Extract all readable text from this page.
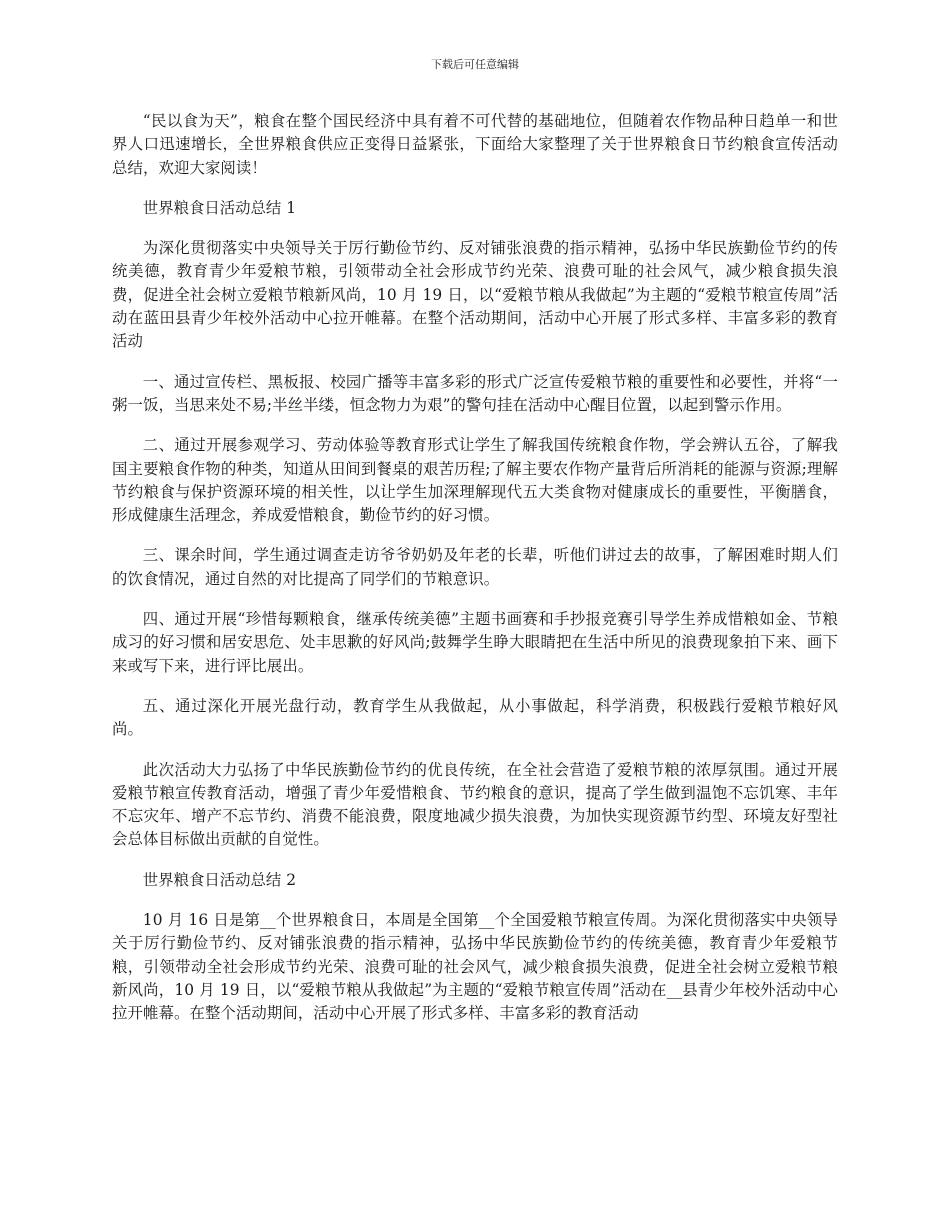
下载后可任意编辑

“民以食为天”，粮食在整个国民经济中具有着不可代替的基础地位，但随着农作物品种日趋单一和世界人口迅速增长，全世界粮食供应正变得日益紧张，下面给大家整理了关于世界粮食日节约粮食宣传活动总结，欢迎大家阅读！

世界粮食日活动总结 1

为深化贯彻落实中央领导关于厉行勤俭节约、反对铺张浪费的指示精神，弘扬中华民族勤俭节约的传统美德，教育青少年爱粮节粮，引领带动全社会形成节约光荣、浪费可耻的社会风气，减少粮食损失浪费，促进全社会树立爱粮节粮新风尚，10 月 19 日，以“爱粮节粮从我做起”为主题的“爱粮节粮宣传周”活动在蓝田县青少年校外活动中心拉开帷幕。在整个活动期间，活动中心开展了形式多样、丰富多彩的教育活动

一、通过宣传栏、黑板报、校园广播等丰富多彩的形式广泛宣传爱粮节粮的重要性和必要性，并将“一粥一饭，当思来处不易;半丝半缕，恒念物力为艰”的警句挂在活动中心醒目位置，以起到警示作用。

二、通过开展参观学习、劳动体验等教育形式让学生了解我国传统粮食作物，学会辨认五谷，了解我国主要粮食作物的种类，知道从田间到餐桌的艰苦历程;了解主要农作物产量背后所消耗的能源与资源;理解节约粮食与保护资源环境的相关性，以让学生加深理解现代五大类食物对健康成长的重要性，平衡膳食，形成健康生活理念，养成爱惜粮食，勤俭节约的好习惯。

三、课余时间，学生通过调查走访爷爷奶奶及年老的长辈，听他们讲过去的故事，了解困难时期人们的饮食情况，通过自然的对比提高了同学们的节粮意识。

四、通过开展“珍惜每颗粮食，继承传统美德”主题书画赛和手抄报竞赛引导学生养成惜粮如金、节粮成习的好习惯和居安思危、处丰思歉的好风尚;鼓舞学生睁大眼睛把在生活中所见的浪费现象拍下来、画下来或写下来，进行评比展出。

五、通过深化开展光盘行动，教育学生从我做起，从小事做起，科学消费，积极践行爱粮节粮好风尚。

此次活动大力弘扬了中华民族勤俭节约的优良传统，在全社会营造了爱粮节粮的浓厚氛围。通过开展爱粮节粮宣传教育活动，增强了青少年爱惜粮食、节约粮食的意识，提高了学生做到温饱不忘饥寒、丰年不忘灾年、增产不忘节约、消费不能浪费，限度地减少损失浪费，为加快实现资源节约型、环境友好型社会总体目标做出贡献的自觉性。

世界粮食日活动总结 2

10 月 16 日是第__个世界粮食日，本周是全国第__个全国爱粮节粮宣传周。为深化贯彻落实中央领导关于厉行勤俭节约、反对铺张浪费的指示精神，弘扬中华民族勤俭节约的传统美德，教育青少年爱粮节粮，引领带动全社会形成节约光荣、浪费可耻的社会风气，减少粮食损失浪费，促进全社会树立爱粮节粮新风尚，10 月 19 日，以“爱粮节粮从我做起”为主题的“爱粮节粮宣传周”活动在__县青少年校外活动中心拉开帷幕。在整个活动期间，活动中心开展了形式多样、丰富多彩的教育活动
